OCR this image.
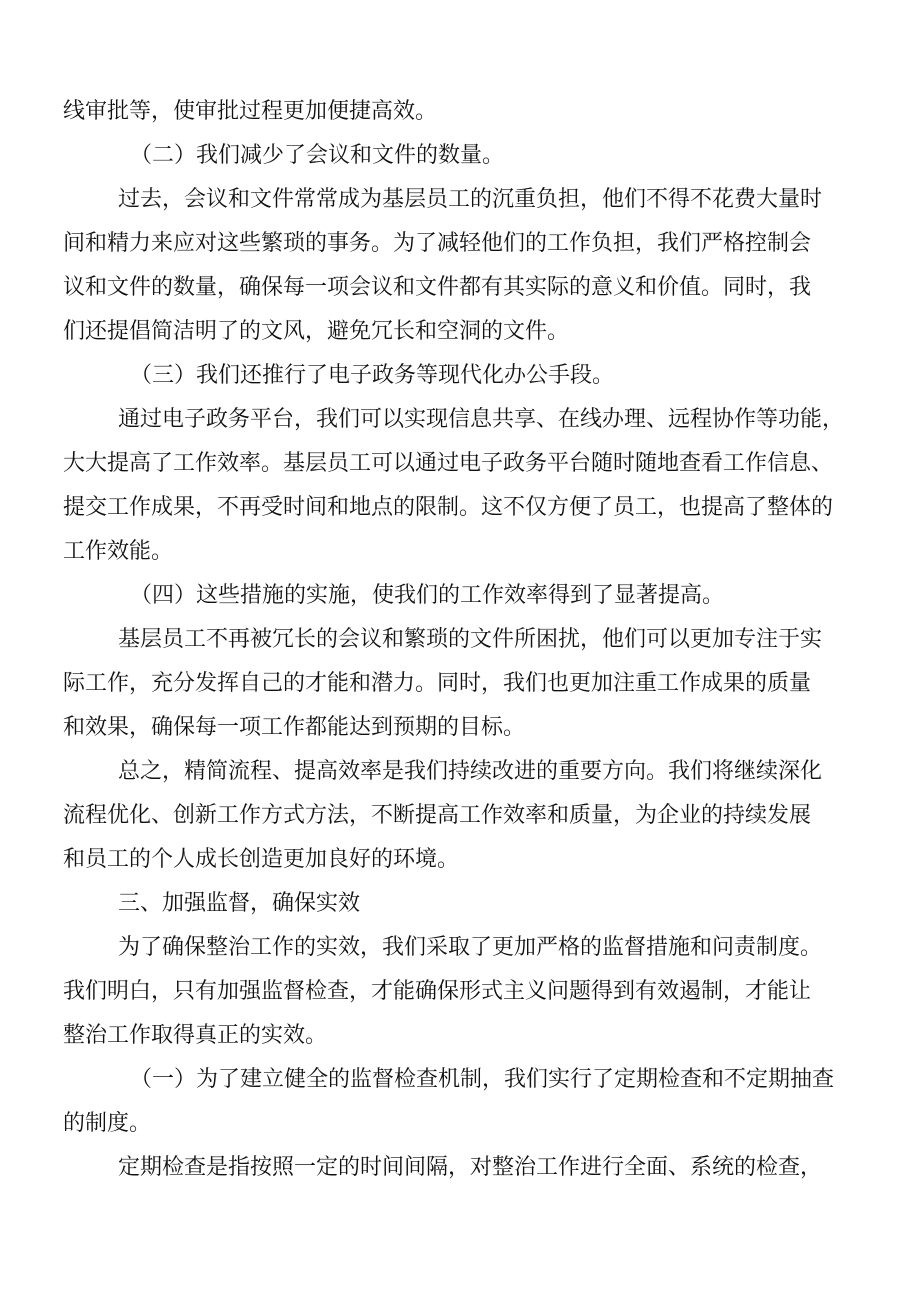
线审批等，使审批过程更加便捷高效。
（二）我们减少了会议和文件的数量。
过去，会议和文件常常成为基层员工的沉重负担，他们不得不花费大量时
间和精力来应对这些繁琐的事务。为了减轻他们的工作负担，我们严格控制会
议和文件的数量，确保每一项会议和文件都有其实际的意义和价值。同时，我
们还提倡简洁明了的文风，避免冗长和空洞的文件。
（三）我们还推行了电子政务等现代化办公手段。
通过电子政务平台，我们可以实现信息共享、在线办理、远程协作等功能，
大大提高了工作效率。基层员工可以通过电子政务平台随时随地查看工作信息、
提交工作成果，不再受时间和地点的限制。这不仅方便了员工，也提高了整体的
工作效能。
（四）这些措施的实施，使我们的工作效率得到了显著提高。
基层员工不再被冗长的会议和繁琐的文件所困扰，他们可以更加专注于实
际工作，充分发挥自己的才能和潜力。同时，我们也更加注重工作成果的质量
和效果，确保每一项工作都能达到预期的目标。
总之，精简流程、提高效率是我们持续改进的重要方向。我们将继续深化
流程优化、创新工作方式方法，不断提高工作效率和质量，为企业的持续发展
和员工的个人成长创造更加良好的环境。
三、加强监督，确保实效
为了确保整治工作的实效，我们采取了更加严格的监督措施和问责制度。
我们明白，只有加强监督检查，才能确保形式主义问题得到有效遏制，才能让
整治工作取得真正的实效。
（一）为了建立健全的监督检查机制，我们实行了定期检查和不定期抽查
的制度。
定期检查是指按照一定的时间间隔，对整治工作进行全面、系统的检查，
